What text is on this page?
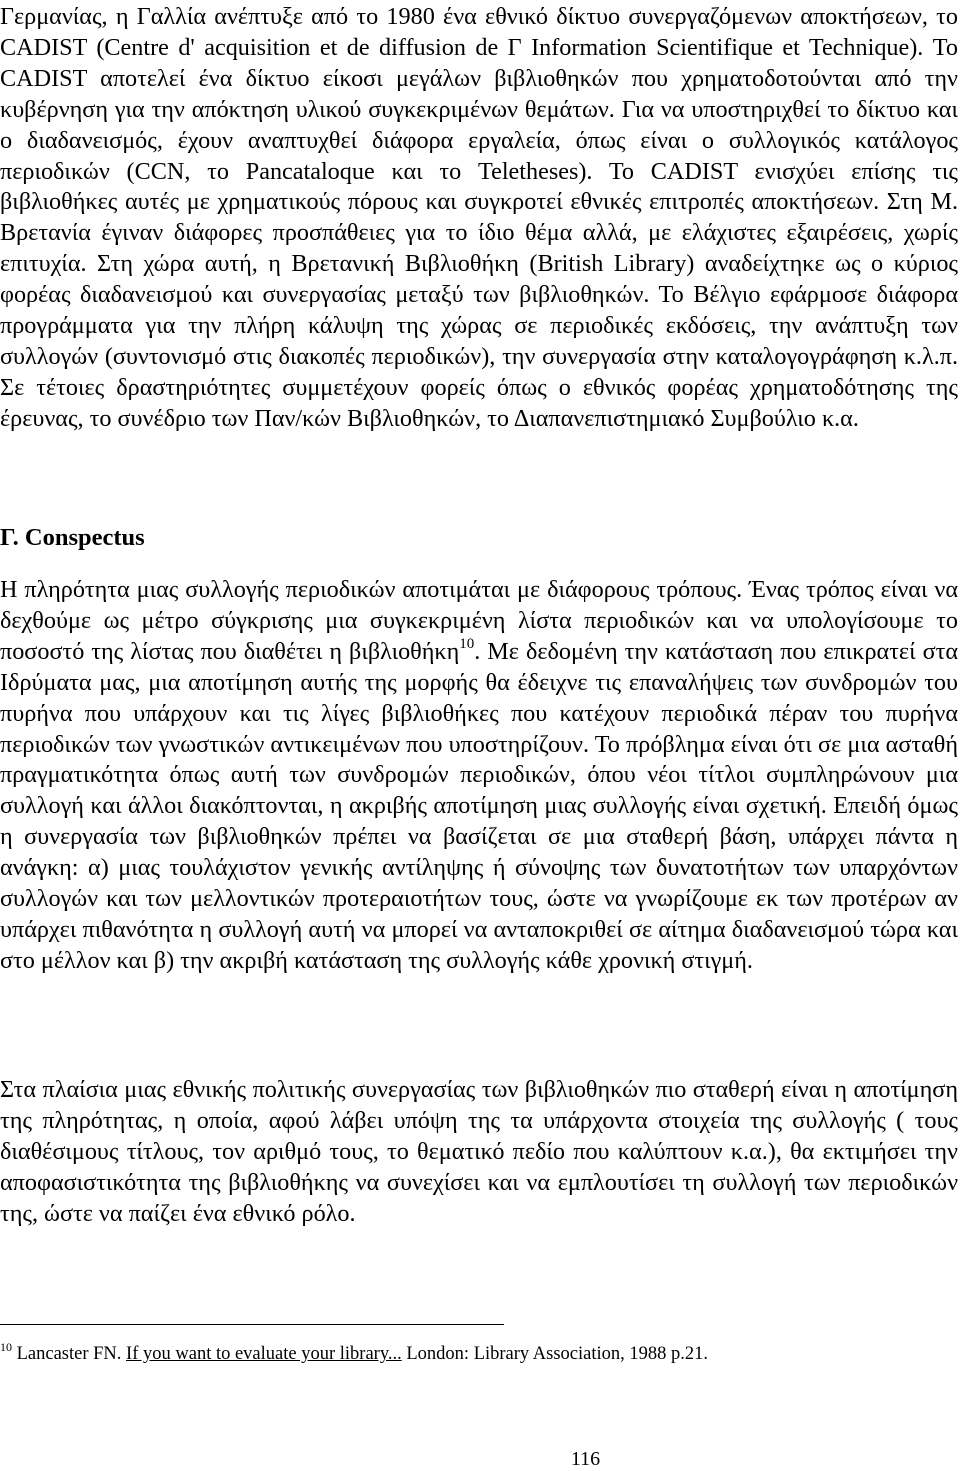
Γερμανίας, η Γαλλία ανέπτυξε από το 1980 ένα εθνικό δίκτυο συνεργαζόμενων αποκτήσεων, το CADIST (Centre d' acquisition et de diffusion de Γ Information Scientifique et Technique). Το CADIST αποτελεί ένα δίκτυο είκοσι μεγάλων βιβλιοθηκών που χρηματοδοτούνται από την κυβέρνηση για την απόκτηση υλικού συγκεκριμένων θεμάτων. Για να υποστηριχθεί το δίκτυο και ο διαδανεισμός, έχουν αναπτυχθεί διάφορα εργαλεία, όπως είναι ο συλλογικός κατάλογος περιοδικών (CCN, το Pancataloque και το Teletheses). Το CADIST ενισχύει επίσης τις βιβλιοθήκες αυτές με χρηματικούς πόρους και συγκροτεί εθνικές επιτροπές αποκτήσεων. Στη Μ. Βρετανία έγιναν διάφορες προσπάθειες για το ίδιο θέμα αλλά, με ελάχιστες εξαιρέσεις, χωρίς επιτυχία. Στη χώρα αυτή, η Βρετανική Βιβλιοθήκη (British Library) αναδείχτηκε ως ο κύριος φορέας διαδανεισμού και συνεργασίας μεταξύ των βιβλιοθηκών. Το Βέλγιο εφάρμοσε διάφορα προγράμματα για την πλήρη κάλυψη της χώρας σε περιοδικές εκδόσεις, την ανάπτυξη των συλλογών (συντονισμό στις διακοπές περιοδικών), την συνεργασία στην καταλογογράφηση κ.λ.π. Σε τέτοιες δραστηριότητες συμμετέχουν φορείς όπως ο εθνικός φορέας χρηματοδότησης της έρευνας, το συνέδριο των Παν/κών Βιβλιοθηκών, το Διαπανεπιστημιακό Συμβούλιο κ.α.

Γ. Conspectus

Η πληρότητα μιας συλλογής περιοδικών αποτιμάται με διάφορους τρόπους. Ένας τρόπος είναι να δεχθούμε ως μέτρο σύγκρισης μια συγκεκριμένη λίστα περιοδικών και να υπολογίσουμε το ποσοστό της λίστας που διαθέτει η βιβλιοθήκη$^{10}$. Με δεδομένη την κατάσταση που επικρατεί στα Ιδρύματα μας, μια αποτίμηση αυτής της μορφής θα έδειχνε τις επαναλήψεις των συνδρομών του πυρήνα που υπάρχουν και τις λίγες βιβλιοθήκες που κατέχουν περιοδικά πέραν του πυρήνα περιοδικών των γνωστικών αντικειμένων που υποστηρίζουν. Το πρόβλημα είναι ότι σε μια ασταθή πραγματικότητα όπως αυτή των συνδρομών περιοδικών, όπου νέοι τίτλοι συμπληρώνουν μια συλλογή και άλλοι διακόπτονται, η ακριβής αποτίμηση μιας συλλογής είναι σχετική. Επειδή όμως η συνεργασία των βιβλιοθηκών πρέπει να βασίζεται σε μια σταθερή βάση, υπάρχει πάντα η ανάγκη: α) μιας τουλάχιστον γενικής αντίληψης ή σύνοψης των δυνατοτήτων των υπαρχόντων συλλογών και των μελλοντικών προτεραιοτήτων τους, ώστε να γνωρίζουμε εκ των προτέρων αν υπάρχει πιθανότητα η συλλογή αυτή να μπορεί να ανταποκριθεί σε αίτημα διαδανεισμού τώρα και στο μέλλον και β) την ακριβή κατάσταση της συλλογής κάθε χρονική στιγμή.

Στα πλαίσια μιας εθνικής πολιτικής συνεργασίας των βιβλιοθηκών πιο σταθερή είναι η αποτίμηση της πληρότητας, η οποία, αφού λάβει υπόψη της τα υπάρχοντα στοιχεία της συλλογής ( τους διαθέσιμους τίτλους, τον αριθμό τους, το θεματικό πεδίο που καλύπτουν κ.α.), θα εκτιμήσει την αποφασιστικότητα της βιβλιοθήκης να συνεχίσει και να εμπλουτίσει τη συλλογή των περιοδικών της, ώστε να παίζει ένα εθνικό ρόλο.

$^{10}$ Lancaster FN. If you want to evaluate your library... London: Library Association, 1988 p.21.

116
